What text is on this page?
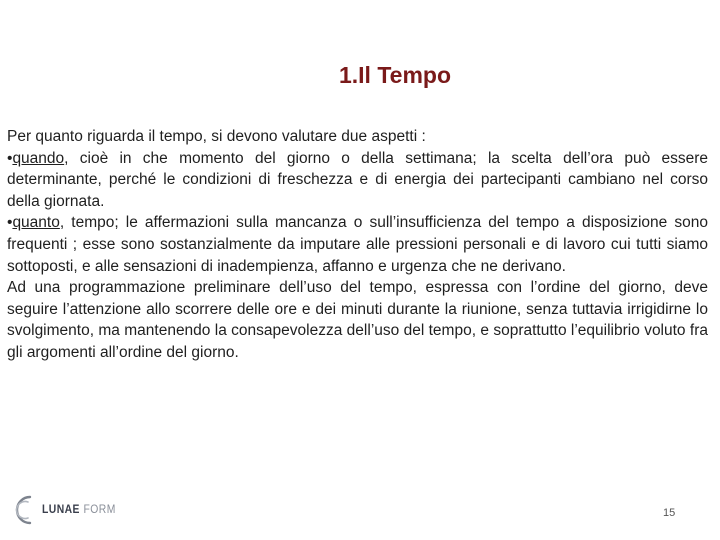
1.Il Tempo

Per quanto riguarda il tempo, si devono valutare due aspetti :

•quando, cioè in che momento del giorno o della settimana; la scelta dell’ora può essere determinante, perché le condizioni di freschezza e di energia dei partecipanti cambiano nel corso della giornata.

•quanto, tempo; le affermazioni sulla mancanza o sull’insufficienza del tempo a disposizione sono frequenti ; esse sono sostanzialmente da imputare alle pressioni personali e di lavoro cui tutti siamo sottoposti, e alle sensazioni di inadempienza, affanno e urgenza che ne derivano.

Ad una programmazione preliminare dell’uso del tempo, espressa con l’ordine del giorno, deve seguire l’attenzione allo scorrere delle ore e dei minuti durante la riunione, senza tuttavia irrigidirne lo svolgimento, ma mantenendo la consapevolezza dell’uso del tempo, e soprattutto l’equilibrio voluto fra gli argomenti all’ordine del giorno.

LUNAE FORM	15
